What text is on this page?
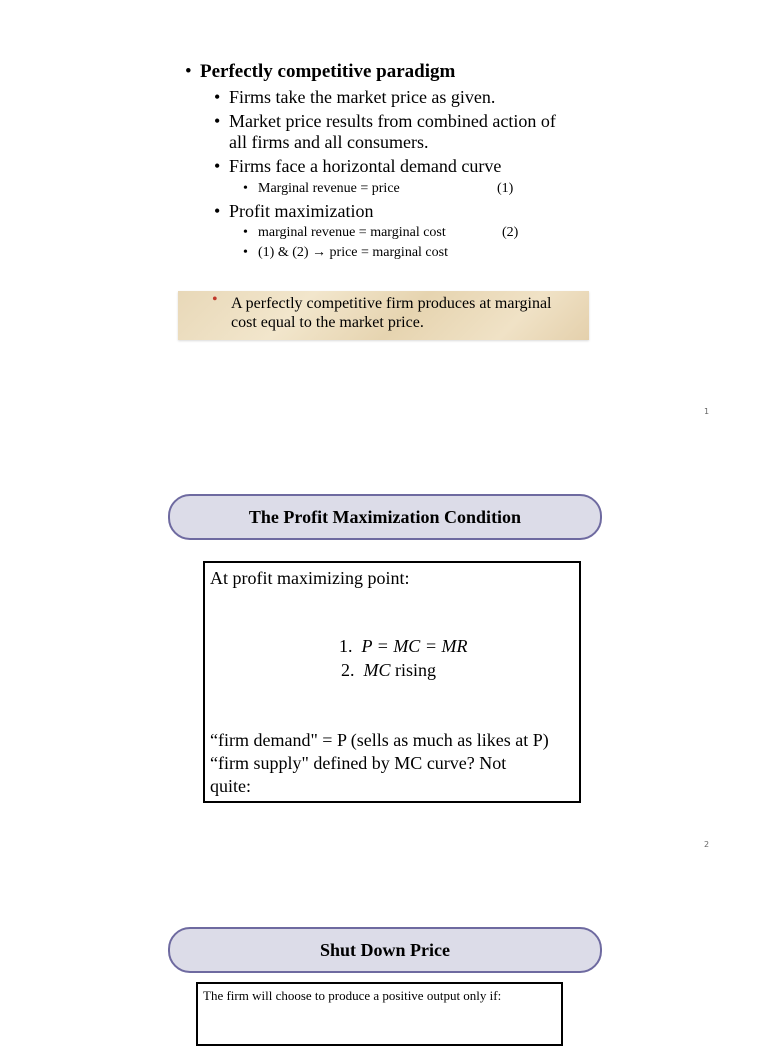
• Perfectly competitive paradigm
• Firms take the market price as given.
• Market price results from combined action of
all firms and all consumers.
• Firms face a horizontal demand curve
• Marginal revenue = price	(1)
• Profit maximization
• marginal revenue = marginal cost	(2)
• (1) & (2) → price = marginal cost
• A perfectly competitive firm produces at marginal
cost equal to the market price.
1
The Profit Maximization Condition
At profit maximizing point:
1. P = MC = MR
2. MC rising
“firm demand" = P (sells as much as likes at P)
“firm supply" defined by MC curve? Not
quite:
2
Shut Down Price
The firm will choose to produce a positive output only if:
